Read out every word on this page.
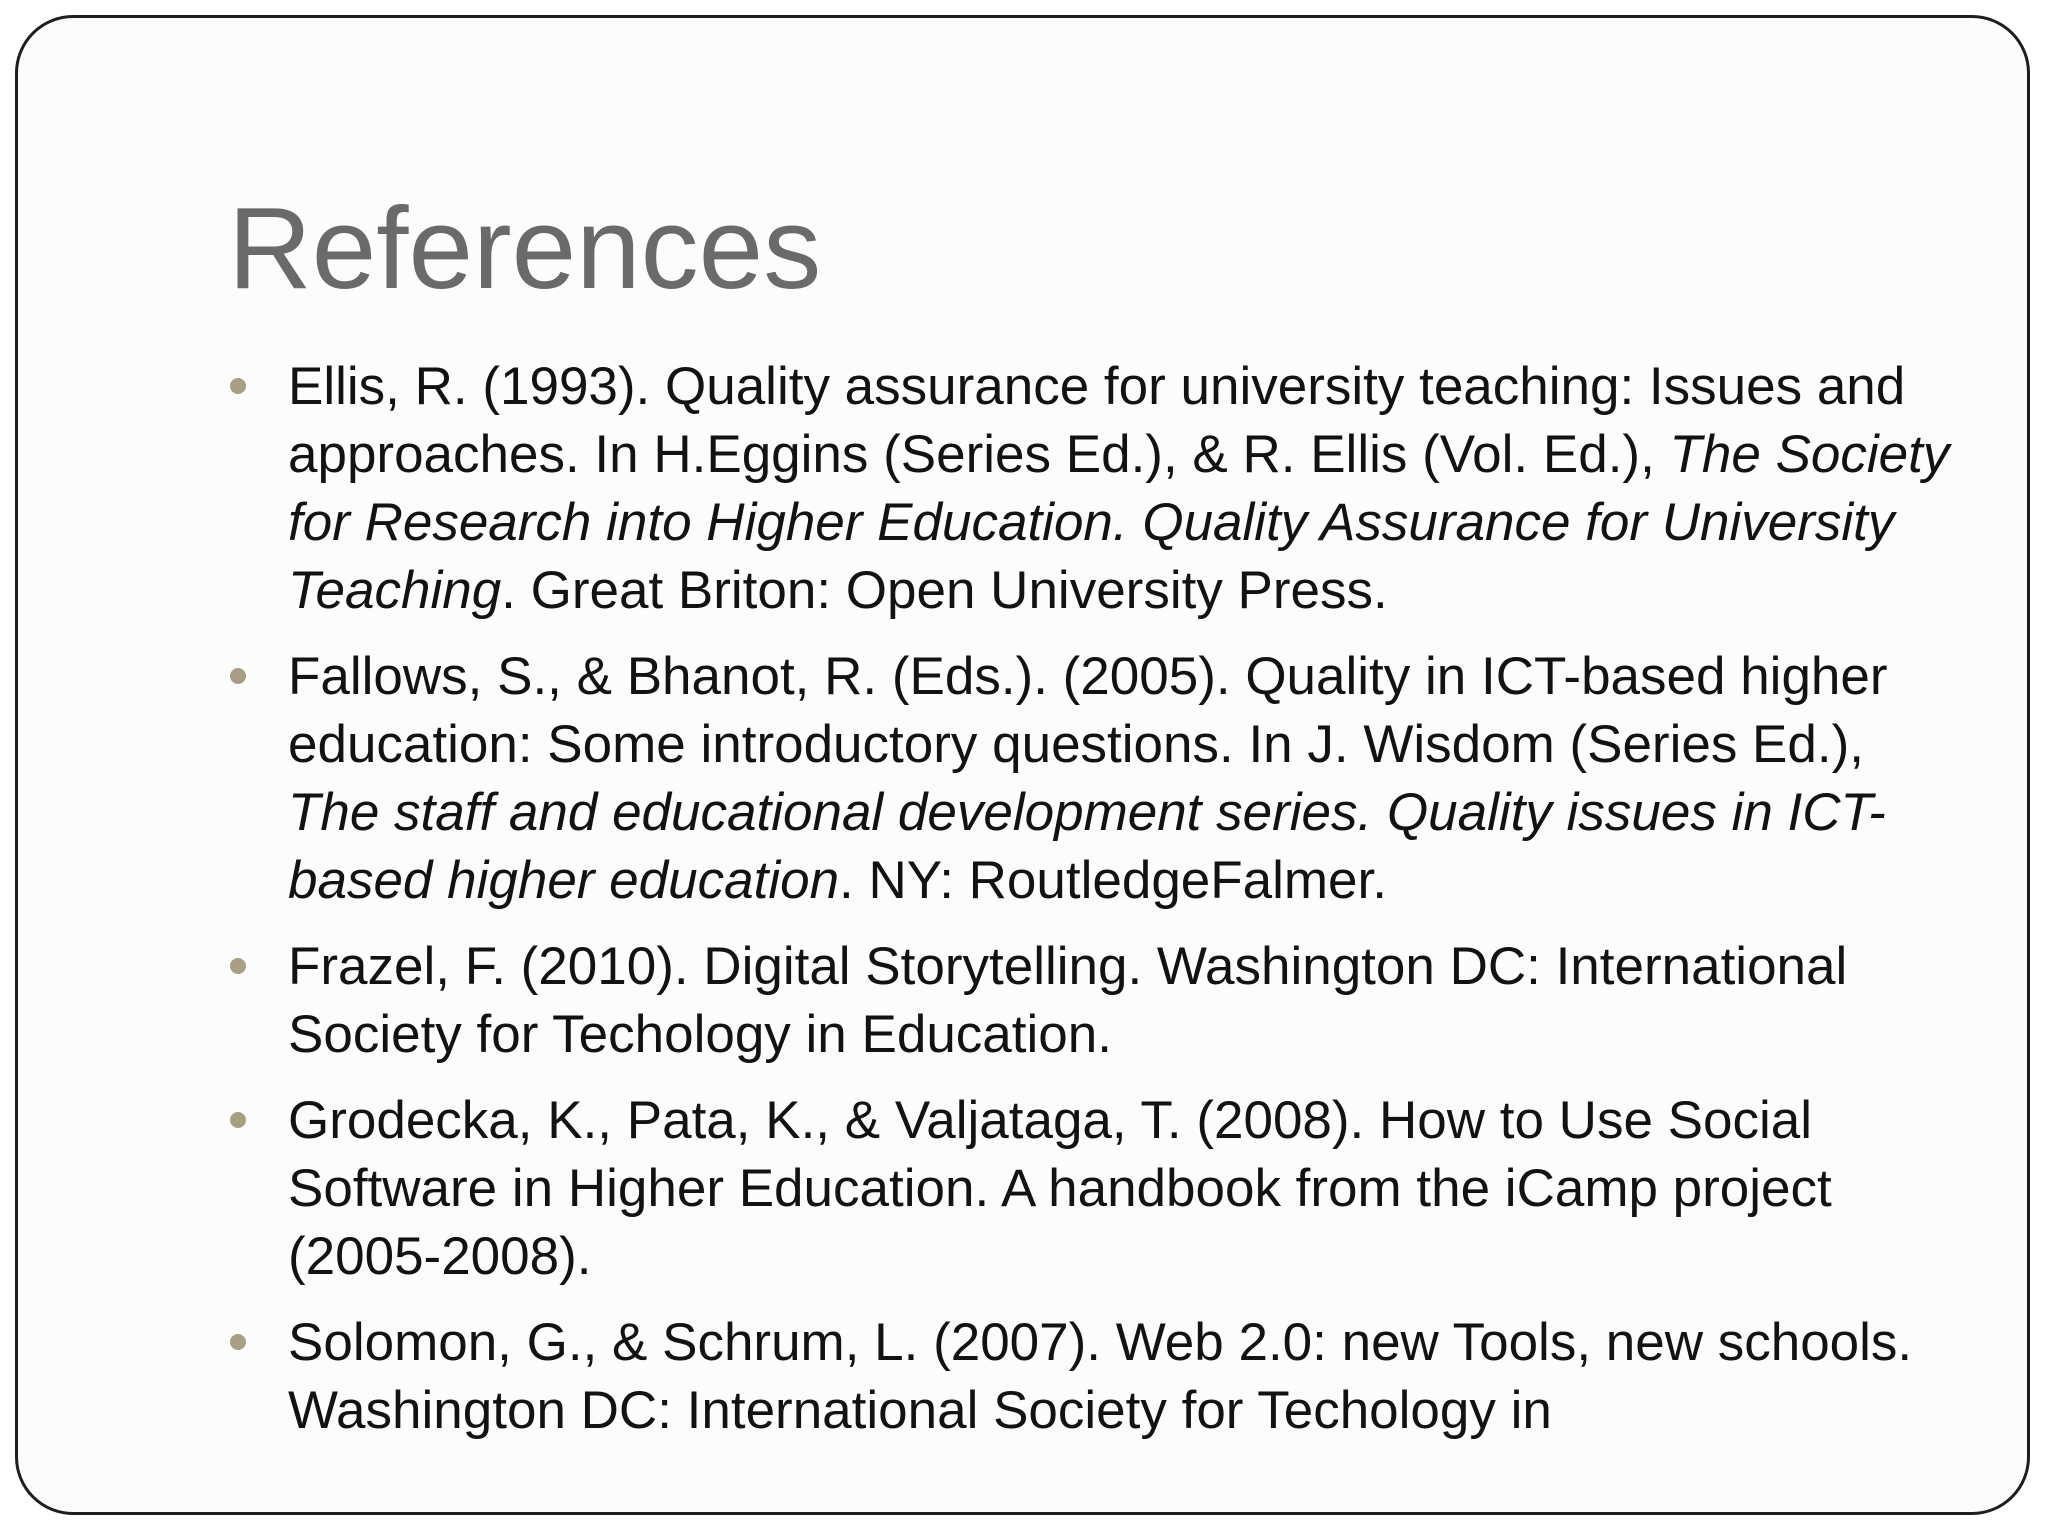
References
Ellis, R. (1993). Quality assurance for university teaching: Issues and approaches. In H.Eggins (Series Ed.), & R. Ellis (Vol. Ed.), The Society for Research into Higher Education. Quality Assurance for University Teaching. Great Briton: Open University Press.
Fallows, S., & Bhanot, R. (Eds.). (2005). Quality in ICT-based higher education: Some introductory questions. In J. Wisdom (Series Ed.), The staff and educational development series. Quality issues in ICT-based higher education. NY: RoutledgeFalmer.
Frazel, F. (2010). Digital Storytelling. Washington DC: International Society for Techology in Education.
Grodecka, K., Pata, K., & Valjataga, T. (2008). How to Use Social Software in Higher Education. A handbook from the iCamp project (2005-2008).
Solomon, G., & Schrum, L. (2007). Web 2.0: new Tools, new schools. Washington DC: International Society for Techology in
